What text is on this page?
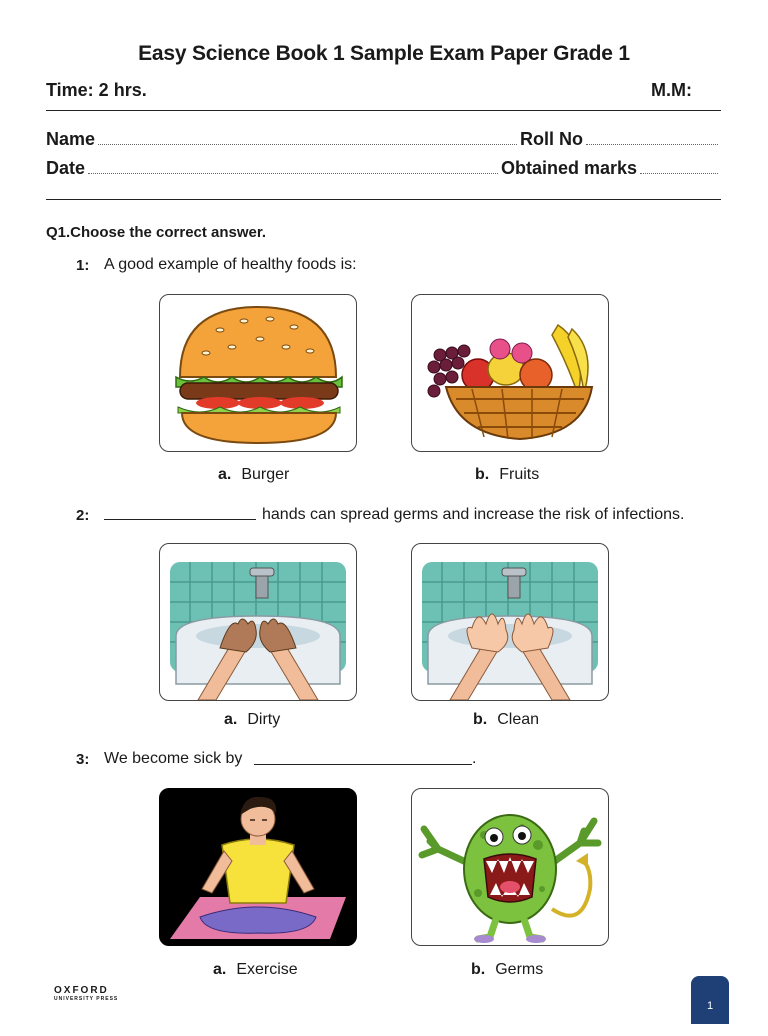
Easy Science Book 1 Sample Exam Paper Grade 1
Time: 2 hrs.	M.M:
Name	Roll No
Date	Obtained marks
Q1.Choose the correct answer.
1: A good example of healthy foods is:
a. Burger	b. Fruits
2:	hands can spread germs and increase the risk of infections.
a. Dirty	b. Clean
3: We become sick by	.
a. Exercise	b. Germs
OXFORD
UNIVERSITY PRESS
1
